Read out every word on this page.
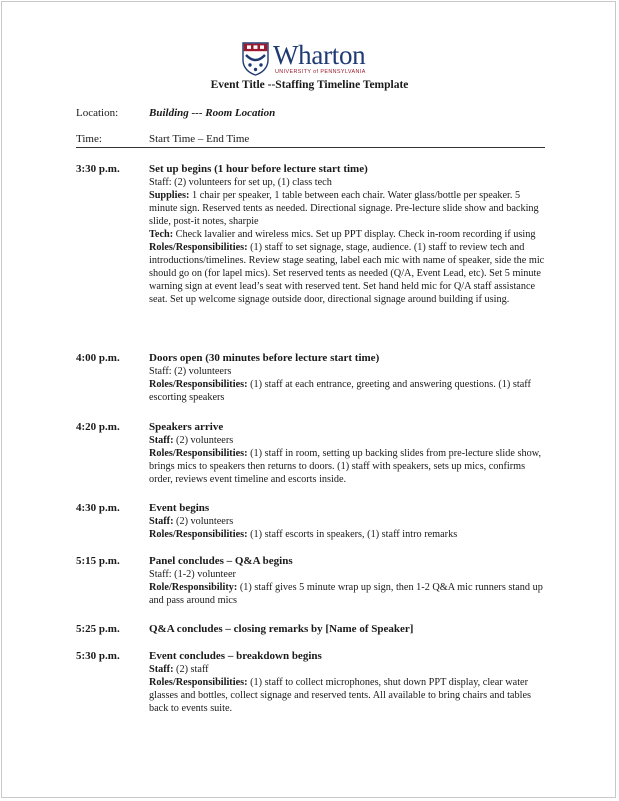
Wharton
UNIVERSITY of PENNSYLVANIA
Event Title --Staffing Timeline Template
Location:	Building --- Room Location
Time:	Start Time – End Time
3:30 p.m.	Set up begins (1 hour before lecture start time)

Staff: (2) volunteers for set up, (1) class tech

Supplies: 1 chair per speaker, 1 table between each chair. Water glass/bottle per speaker. 5 minute sign. Reserved tents as needed. Directional signage. Pre-lecture slide show and backing slide, post-it notes, sharpie

Tech: Check lavalier and wireless mics. Set up PPT display. Check in-room recording if using

Roles/Responsibilities: (1) staff to set signage, stage, audience. (1) staff to review tech and introductions/timelines. Review stage seating, label each mic with name of speaker, side the mic should go on (for lapel mics). Set reserved tents as needed (Q/A, Event Lead, etc). Set 5 minute warning sign at event lead’s seat with reserved tent. Set hand held mic for Q/A staff assistance seat. Set up welcome signage outside door, directional signage around building if using.

4:00 p.m.	Doors open (30 minutes before lecture start time)

Staff: (2) volunteers

Roles/Responsibilities: (1) staff at each entrance, greeting and answering questions. (1) staff escorting speakers

4:20 p.m.	Speakers arrive

Staff: (2) volunteers

Roles/Responsibilities: (1) staff in room, setting up backing slides from pre-lecture slide show, brings mics to speakers then returns to doors. (1) staff with speakers, sets up mics, confirms order, reviews event timeline and escorts inside.

4:30 p.m.	Event begins

Staff: (2) volunteers

Roles/Responsibilities: (1) staff escorts in speakers, (1) staff intro remarks

5:15 p.m.	Panel concludes – Q&A begins

Staff: (1-2) volunteer

Role/Responsibility: (1) staff gives 5 minute wrap up sign, then 1-2 Q&A mic runners stand up and pass around mics

5:25 p.m.	Q&A concludes – closing remarks by [Name of Speaker]

5:30 p.m.	Event concludes – breakdown begins

Staff: (2) staff

Roles/Responsibilities: (1) staff to collect microphones, shut down PPT display, clear water glasses and bottles, collect signage and reserved tents. All available to bring chairs and tables back to events suite.
